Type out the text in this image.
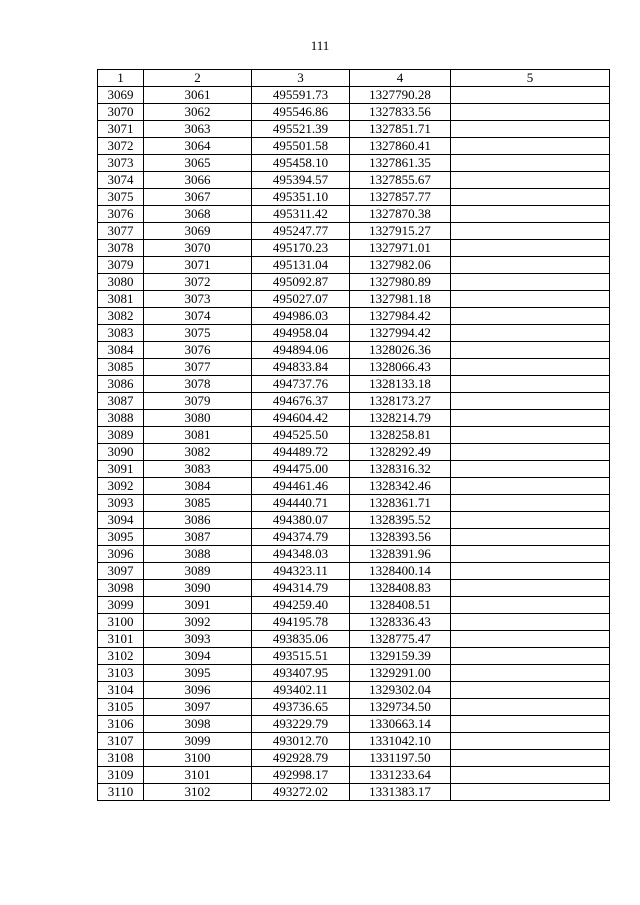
111
1	2	3	4	5
3069	3061	495591.73	1327790.28	
3070	3062	495546.86	1327833.56	
3071	3063	495521.39	1327851.71	
3072	3064	495501.58	1327860.41	
3073	3065	495458.10	1327861.35	
3074	3066	495394.57	1327855.67	
3075	3067	495351.10	1327857.77	
3076	3068	495311.42	1327870.38	
3077	3069	495247.77	1327915.27	
3078	3070	495170.23	1327971.01	
3079	3071	495131.04	1327982.06	
3080	3072	495092.87	1327980.89	
3081	3073	495027.07	1327981.18	
3082	3074	494986.03	1327984.42	
3083	3075	494958.04	1327994.42	
3084	3076	494894.06	1328026.36	
3085	3077	494833.84	1328066.43	
3086	3078	494737.76	1328133.18	
3087	3079	494676.37	1328173.27	
3088	3080	494604.42	1328214.79	
3089	3081	494525.50	1328258.81	
3090	3082	494489.72	1328292.49	
3091	3083	494475.00	1328316.32	
3092	3084	494461.46	1328342.46	
3093	3085	494440.71	1328361.71	
3094	3086	494380.07	1328395.52	
3095	3087	494374.79	1328393.56	
3096	3088	494348.03	1328391.96	
3097	3089	494323.11	1328400.14	
3098	3090	494314.79	1328408.83	
3099	3091	494259.40	1328408.51	
3100	3092	494195.78	1328336.43	
3101	3093	493835.06	1328775.47	
3102	3094	493515.51	1329159.39	
3103	3095	493407.95	1329291.00	
3104	3096	493402.11	1329302.04	
3105	3097	493736.65	1329734.50	
3106	3098	493229.79	1330663.14	
3107	3099	493012.70	1331042.10	
3108	3100	492928.79	1331197.50	
3109	3101	492998.17	1331233.64	
3110	3102	493272.02	1331383.17	
